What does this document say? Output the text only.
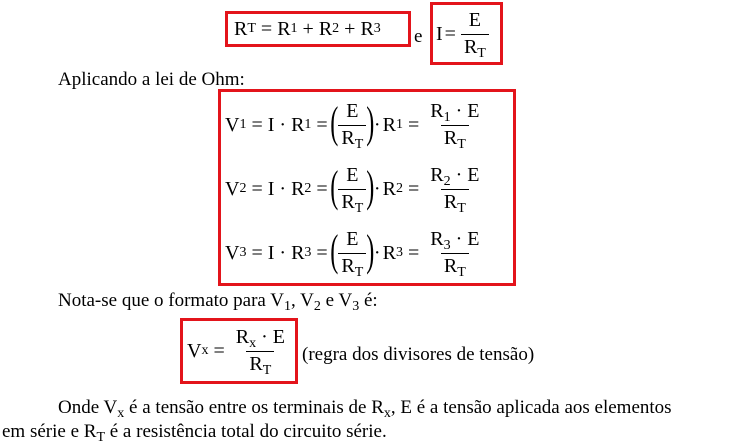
R T = R 1 + R 2 + R 3 e $I = \frac{E}{R_T}$
Aplicando a lei de Ohm:
V 1 = I · R 1 = ( $\frac{E}{R_T}$ ) · R $1 = \frac{R_1 \cdot E}{R_T}$
V 2 = I · R 2 = ( $\frac{E}{R_T}$ ) · R $2 = \frac{R_2 \cdot E}{R_T}$
V 3 = I · R 3 = ( $\frac{E}{R_T}$ ) · R $3 = \frac{R_3 \cdot E}{R_T}$
Nota-se que o formato para $V_1$, $V_2$ e $V_3$ é:
V $x = \frac{R_x \cdot E}{R_T}$ (regra dos divisores de tensão)
Onde $V_x$ é a tensão entre os terminais de $R_x$, E é a tensão aplicada aos elementos
em série e $R_T$ é a resistência total do circuito série.
